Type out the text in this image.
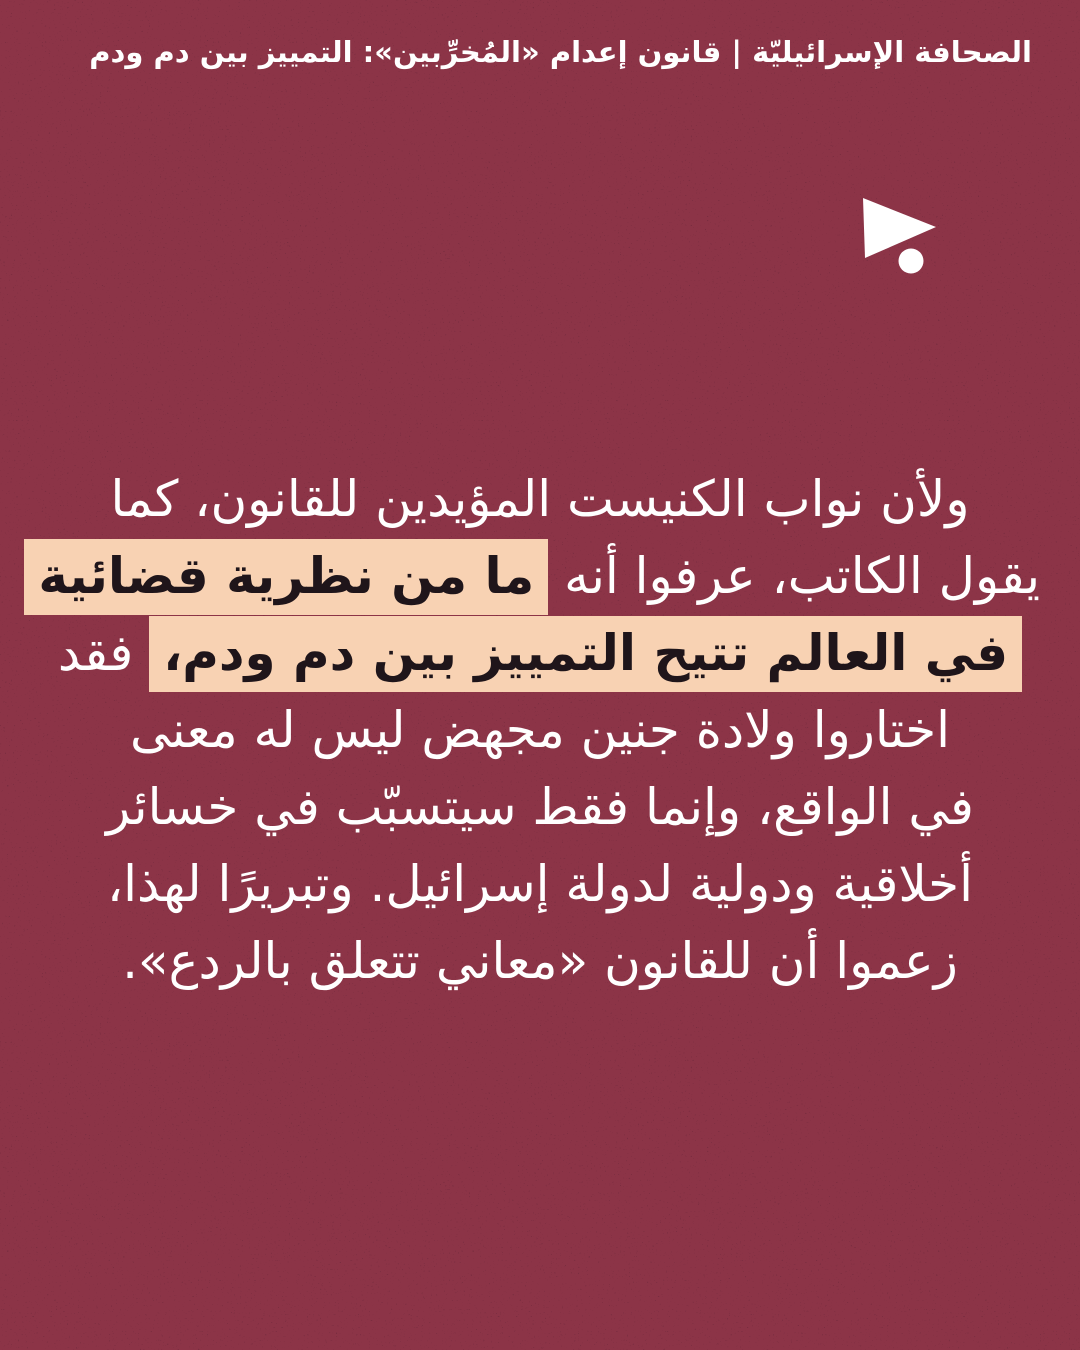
الصحافة الإسرائيليّة | قانون إعدام «المُخرِّبين»: التمييز بين دم ودم
ولأن نواب الكنيست المؤيدين للقانون، كما
يقول الكاتب، عرفوا أنه ما من نظرية قضائية
في العالم تتيح التمييز بين دم ودم، فقد
اختاروا ولادة جنين مجهض ليس له معنى
في الواقع، وإنما فقط سيتسبّب في خسائر
أخلاقية ودولية لدولة إسرائيل. وتبريرًا لهذا،
زعموا أن للقانون «معاني تتعلق بالردع».
